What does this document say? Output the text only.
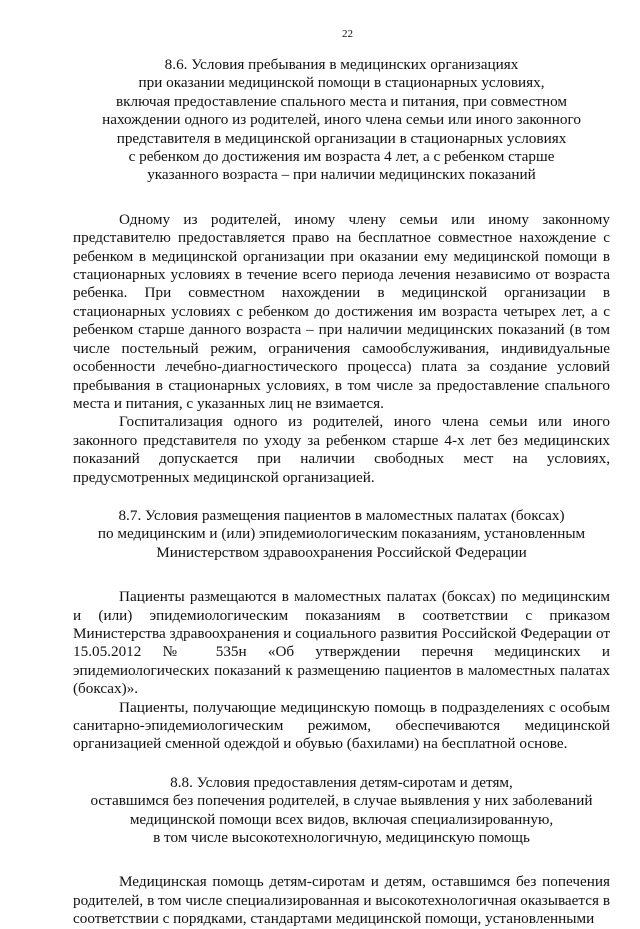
22
8.6. Условия пребывания в медицинских организациях
при оказании медицинской помощи в стационарных условиях,
включая предоставление спального места и питания, при совместном
нахождении одного из родителей, иного члена семьи или иного законного
представителя в медицинской организации в стационарных условиях
с ребенком до достижения им возраста 4 лет, а с ребенком старше
указанного возраста – при наличии медицинских показаний

Одному из родителей, иному члену семьи или иному законному представителю предоставляется право на бесплатное совместное нахождение с ребенком в медицинской организации при оказании ему медицинской помощи в стационарных условиях в течение всего периода лечения независимо от возраста ребенка. При совместном нахождении в медицинской организации в стационарных условиях с ребенком до достижения им возраста четырех лет, а с ребенком старше данного возраста – при наличии медицинских показаний (в том числе постельный режим, ограничения самообслуживания, индивидуальные особенности лечебно-диагностического процесса) плата за создание условий пребывания в стационарных условиях, в том числе за предоставление спального места и питания, с указанных лиц не взимается.

Госпитализация одного из родителей, иного члена семьи или иного законного представителя по уходу за ребенком старше 4-х лет без медицинских показаний допускается при наличии свободных мест на условиях, предусмотренных медицинской организацией.

8.7. Условия размещения пациентов в маломестных палатах (боксах)
по медицинским и (или) эпидемиологическим показаниям, установленным
Министерством здравоохранения Российской Федерации

Пациенты размещаются в маломестных палатах (боксах) по медицинским и (или) эпидемиологическим показаниям в соответствии с приказом Министерства здравоохранения и социального развития Российской Федерации от 15.05.2012 № 535н «Об утверждении перечня медицинских и эпидемиологических показаний к размещению пациентов в маломестных палатах (боксах)».

Пациенты, получающие медицинскую помощь в подразделениях с особым санитарно-эпидемиологическим режимом, обеспечиваются медицинской организацией сменной одеждой и обувью (бахилами) на бесплатной основе.

8.8. Условия предоставления детям-сиротам и детям,
оставшимся без попечения родителей, в случае выявления у них заболеваний
медицинской помощи всех видов, включая специализированную,
в том числе высокотехнологичную, медицинскую помощь

Медицинская помощь детям-сиротам и детям, оставшимся без попечения родителей, в том числе специализированная и высокотехнологичная оказывается в соответствии с порядками, стандартами медицинской помощи, установленными
